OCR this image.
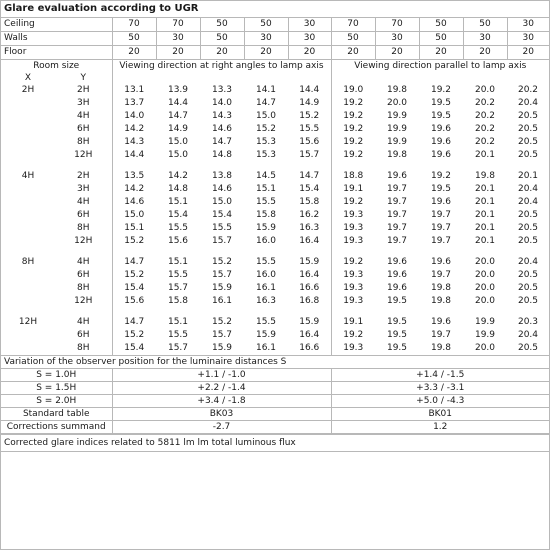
Glare evaluation according to UGR
Ceiling		70	70	50	50	30	70	70	50	50	30
Walls		50	30	50	30	30	50	30	50	30	30
Floor		20	20	20	20	20	20	20	20	20	20
Room size		Viewing direction at right angles to lamp axis					Viewing direction parallel to lamp axis				
X	Y										
2H	2H	13.1	13.9	13.3	14.1	14.4	19.0	19.8	19.2	20.0	20.2
	3H	13.7	14.4	14.0	14.7	14.9	19.2	20.0	19.5	20.2	20.4
	4H	14.0	14.7	14.3	15.0	15.2	19.2	19.9	19.5	20.2	20.5
	6H	14.2	14.9	14.6	15.2	15.5	19.2	19.9	19.6	20.2	20.5
	8H	14.3	15.0	14.7	15.3	15.6	19.2	19.9	19.6	20.2	20.5
	12H	14.4	15.0	14.8	15.3	15.7	19.2	19.8	19.6	20.1	20.5

4H	2H	13.5	14.2	13.8	14.5	14.7	18.8	19.6	19.2	19.8	20.1
	3H	14.2	14.8	14.6	15.1	15.4	19.1	19.7	19.5	20.1	20.4
	4H	14.6	15.1	15.0	15.5	15.8	19.2	19.7	19.6	20.1	20.4
	6H	15.0	15.4	15.4	15.8	16.2	19.3	19.7	19.7	20.1	20.5
	8H	15.1	15.5	15.5	15.9	16.3	19.3	19.7	19.7	20.1	20.5
	12H	15.2	15.6	15.7	16.0	16.4	19.3	19.7	19.7	20.1	20.5

8H	4H	14.7	15.1	15.2	15.5	15.9	19.2	19.6	19.6	20.0	20.4
	6H	15.2	15.5	15.7	16.0	16.4	19.3	19.6	19.7	20.0	20.5
	8H	15.4	15.7	15.9	16.1	16.6	19.3	19.6	19.8	20.0	20.5
	12H	15.6	15.8	16.1	16.3	16.8	19.3	19.5	19.8	20.0	20.5

12H	4H	14.7	15.1	15.2	15.5	15.9	19.1	19.5	19.6	19.9	20.3
	6H	15.2	15.5	15.7	15.9	16.4	19.2	19.5	19.7	19.9	20.4
	8H	15.4	15.7	15.9	16.1	16.6	19.3	19.5	19.8	20.0	20.5
Variation of the observer position for the luminaire distances S											
S = 1.0H		+1.1 / -1.0					+1.4 / -1.5				
S = 1.5H		+2.2 / -1.4					+3.3 / -3.1				
S = 2.0H		+3.4 / -1.8					+5.0 / -4.3				
Standard table		BK03					BK01				
Corrections summand		-2.7					1.2				
Corrected glare indices related to 5811 lm lm total luminous flux
